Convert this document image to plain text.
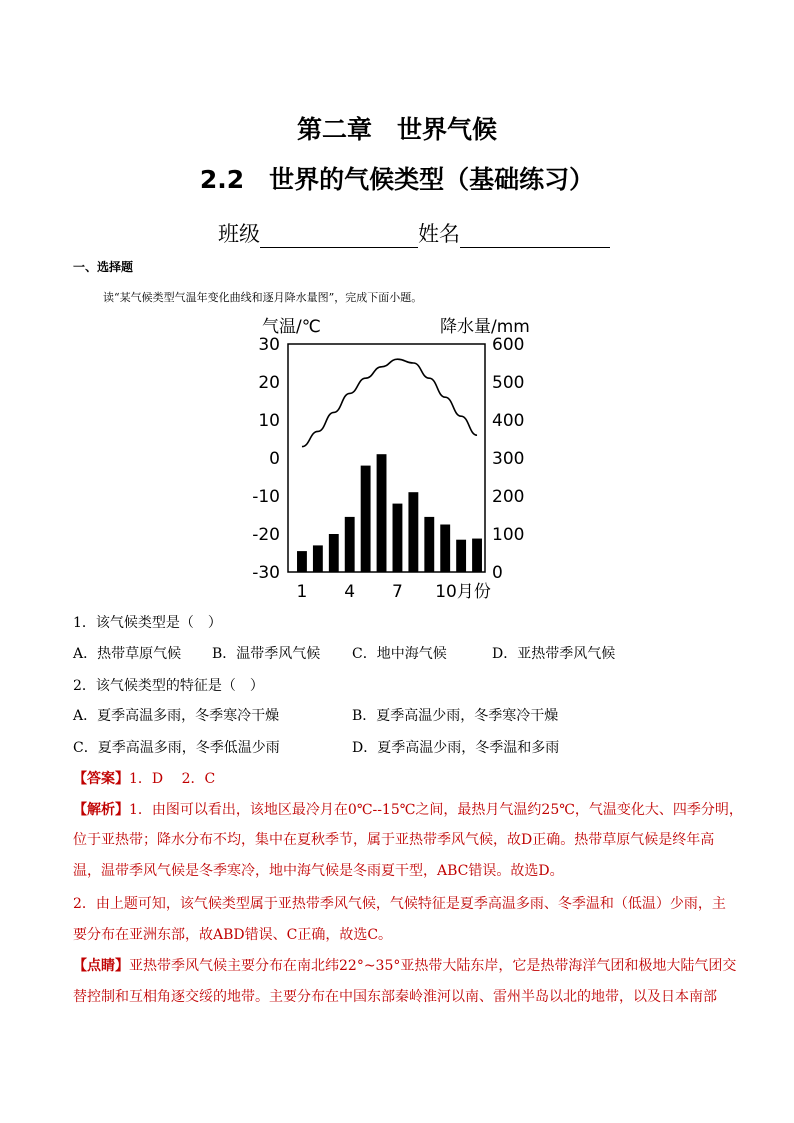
第二章　世界气候
2.2　世界的气候类型（基础练习）
班级	姓名
一、选择题
读“某气候类型气温年变化曲线和逐月降水量图”，完成下面小题。
气温/℃	降水量/mm
30
20
10
0
-10
-20
-30
600
500
400
300
200
100
0
1 4 7 10月份
1．该气候类型是（　）
A．热带草原气候 B．温带季风气候 C．地中海气候	D．亚热带季风气候
2．该气候类型的特征是（　）
A．夏季高温多雨，冬季寒冷干燥	B．夏季高温少雨，冬季寒冷干燥
C．夏季高温多雨，冬季低温少雨	D．夏季高温少雨，冬季温和多雨
【答案】1．D　 2．C
【解析】1．由图可以看出，该地区最冷月在0℃--15℃之间，最热月气温约25℃，气温变化大、四季分明，
位于亚热带；降水分布不均，集中在夏秋季节，属于亚热带季风气候，故D正确。热带草原气候是终年高
温，温带季风气候是冬季寒冷，地中海气候是冬雨夏干型，ABC错误。故选D。
2．由上题可知，该气候类型属于亚热带季风气候，气候特征是夏季高温多雨、冬季温和（低温）少雨，主
要分布在亚洲东部，故ABD错误、C正确，故选C。
【点睛】亚热带季风气候主要分布在南北纬22°~35°亚热带大陆东岸，它是热带海洋气团和极地大陆气团交
替控制和互相角逐交绥的地带。主要分布在中国东部秦岭淮河以南、雷州半岛以北的地带，以及日本南部
